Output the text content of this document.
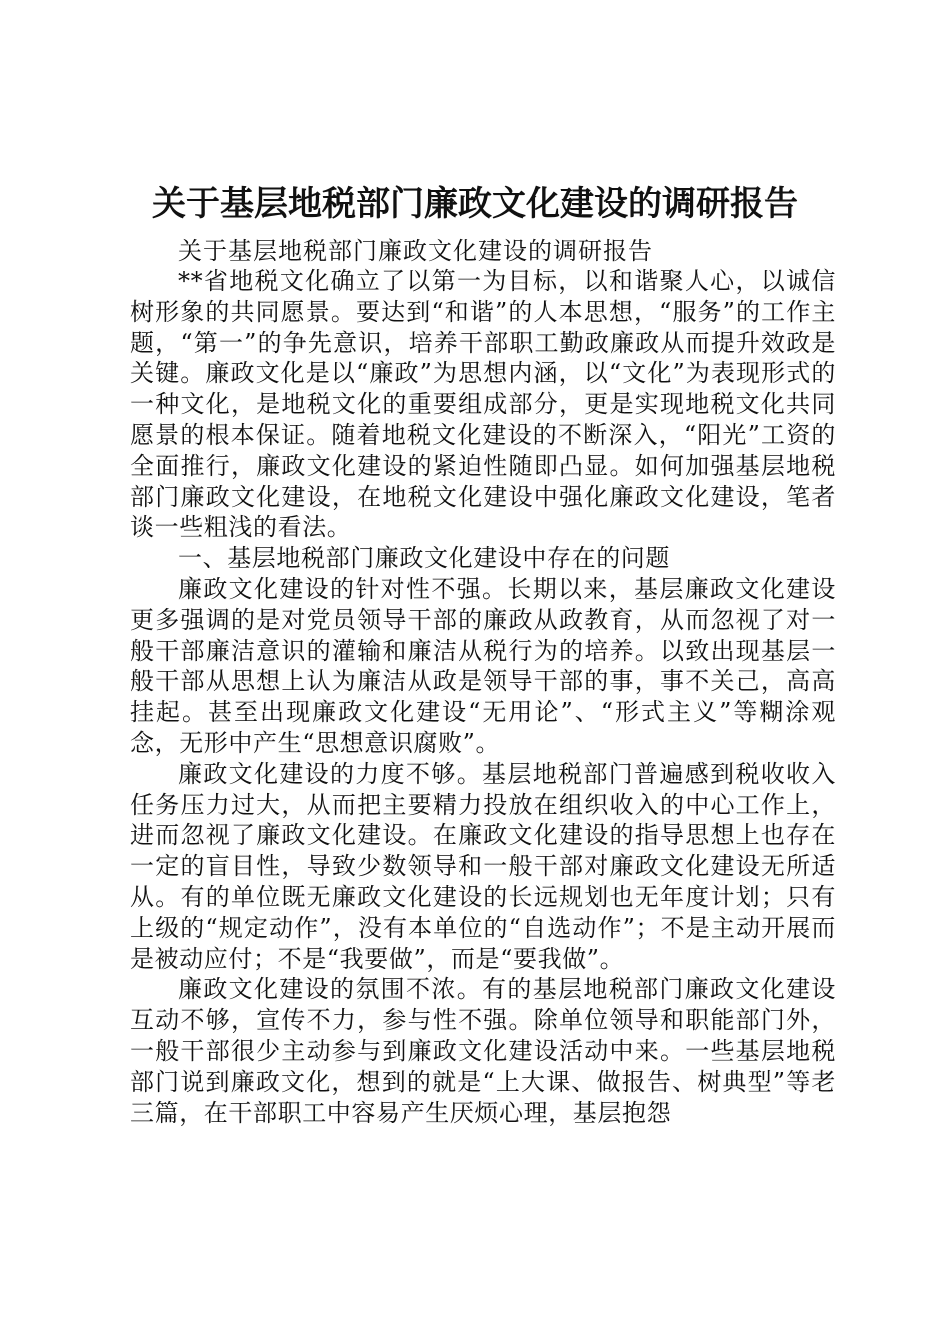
关于基层地税部门廉政文化建设的调研报告

关于基层地税部门廉政文化建设的调研报告

**省地税文化确立了以第一为目标，以和谐聚人心，以诚信树形象的共同愿景。要达到“和谐”的人本思想，“服务”的工作主题，“第一”的争先意识，培养干部职工勤政廉政从而提升效政是关键。廉政文化是以“廉政”为思想内涵，以“文化”为表现形式的一种文化，是地税文化的重要组成部分，更是实现地税文化共同愿景的根本保证。随着地税文化建设的不断深入，“阳光”工资的全面推行，廉政文化建设的紧迫性随即凸显。如何加强基层地税部门廉政文化建设，在地税文化建设中强化廉政文化建设，笔者谈一些粗浅的看法。

一、基层地税部门廉政文化建设中存在的问题

廉政文化建设的针对性不强。长期以来，基层廉政文化建设更多强调的是对党员领导干部的廉政从政教育，从而忽视了对一般干部廉洁意识的灌输和廉洁从税行为的培养。以致出现基层一般干部从思想上认为廉洁从政是领导干部的事，事不关己，高高挂起。甚至出现廉政文化建设“无用论”、“形式主义”等糊涂观念，无形中产生“思想意识腐败”。

廉政文化建设的力度不够。基层地税部门普遍感到税收收入任务压力过大，从而把主要精力投放在组织收入的中心工作上，进而忽视了廉政文化建设。在廉政文化建设的指导思想上也存在一定的盲目性，导致少数领导和一般干部对廉政文化建设无所适从。有的单位既无廉政文化建设的长远规划也无年度计划；只有上级的“规定动作”，没有本单位的“自选动作”；不是主动开展而是被动应付；不是“我要做”，而是“要我做”。

廉政文化建设的氛围不浓。有的基层地税部门廉政文化建设互动不够，宣传不力，参与性不强。除单位领导和职能部门外，一般干部很少主动参与到廉政文化建设活动中来。一些基层地税部门说到廉政文化，想到的就是“上大课、做报告、树典型”等老三篇，在干部职工中容易产生厌烦心理，基层抱怨
